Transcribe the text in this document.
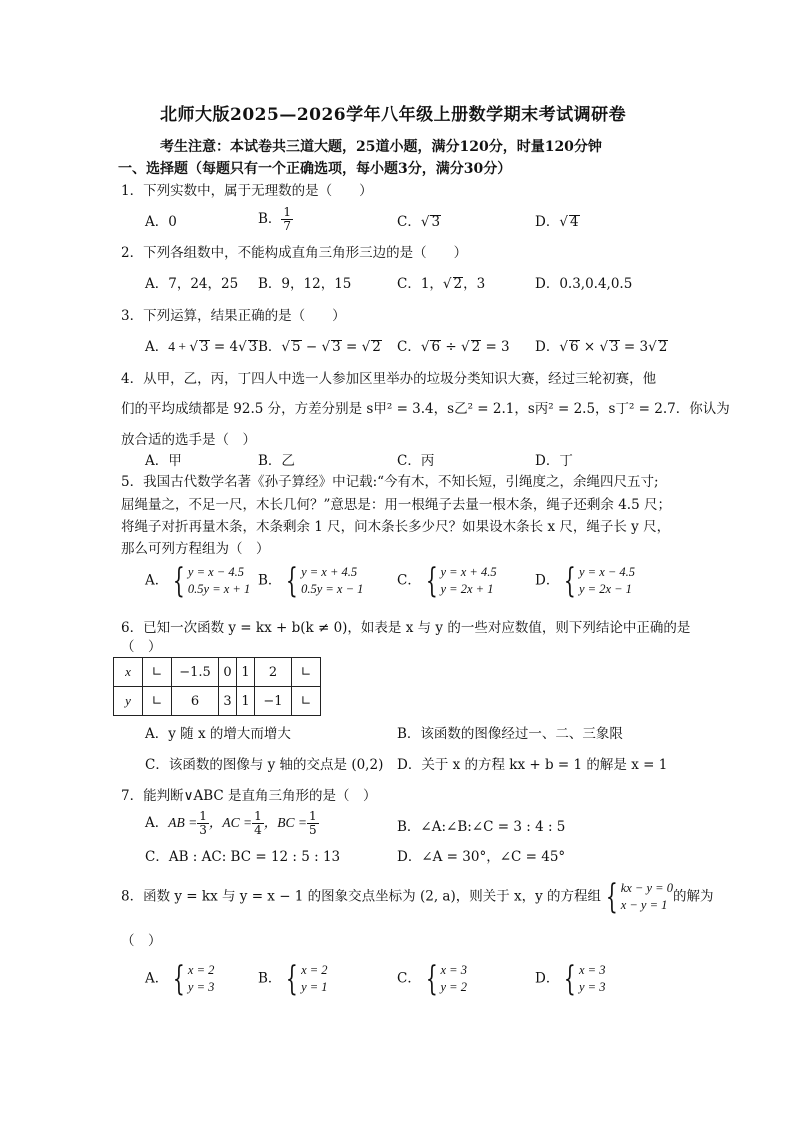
北师大版2025—2026学年八年级上册数学期末考试调研卷
考生注意：本试卷共三道大题，25道小题，满分120分，时量120分钟
一、选择题（每题只有一个正确选项，每小题3分，满分30分）
1．下列实数中，属于无理数的是（　　）
A．0	B． $\frac{1}{7}$	C．√ 3	D．√ 4
2．下列各组数中，不能构成直角三角形三边的是（　　）
A．7，24，25 B．9，12，15	C．1，√ 2，3	D．0.3,0.4,0.5
3．下列运算，结果正确的是（　　）
A．4 + √ 3 = 4√ 3 B．√ 5 − √ 3 = √ 2 C．√ 6 ÷ √ 2 = 3 D．√ 6 × √ 3 = 3√ 2
4．从甲，乙，丙，丁四人中选一人参加区里举办的垃圾分类知识大赛，经过三轮初赛，他
们的平均成绩都是 92.5 分，方差分别是 s甲² = 3.4，s乙² = 2.1，s丙² = 2.5，s丁² = 2.7．你认为
放合适的选手是（　）
A．甲	B．乙	C．丙	D．丁
5．我国古代数学名著《孙子算经》中记载:“今有木，不知长短，引绳度之，余绳四尺五寸;
屈绳量之，不足一尺，木长几何？”意思是：用一根绳子去量一根木条，绳子还剩余 4.5 尺；
将绳子对折再量木条，木条剩余 1 尺，问木条长多少尺？如果设木条长 x 尺，绳子长 y 尺，
那么可列方程组为（　）
A． { y = x − 4.5
0.5y = x + 1
B． { y = x + 4.5
0.5y = x − 1
C． { y = x + 4.5
y = 2x + 1
D． { y = x − 4.5
y = 2x − 1
6．已知一次函数 y = kx + b(k ≠ 0)，如表是 x 与 y 的一些对应数值，则下列结论中正确的是
（　）
x	∟	−1.5	0	1	2	∟
y	∟	6	3	1	−1	∟
A．y 随 x 的增大而增大	B．该函数的图像经过一、二、三象限
C．该函数的图像与 y 轴的交点是 (0,2) D．关于 x 的方程 kx + b = 1 的解是 x = 1
7．能判断∨ABC 是直角三角形的是（　）
A．AB = $\frac{1}{3}$ ，AC = $\frac{1}{4}$ ，BC = $\frac{1}{5}$	B．∠A:∠B:∠C = 3 : 4 : 5
C．AB : AC: BC = 12 : 5 : 13	D．∠A = 30°，∠C = 45°
8．函数 y = kx 与 y = x − 1 的图象交点坐标为 (2, a)，则关于 x，y 的方程组 { kx − y = 0
x − y = 1
的解为
（　）
A． { x = 2
y = 3
B． { x = 2
y = 1
C． { x = 3
y = 2
D． { x = 3
y = 3
